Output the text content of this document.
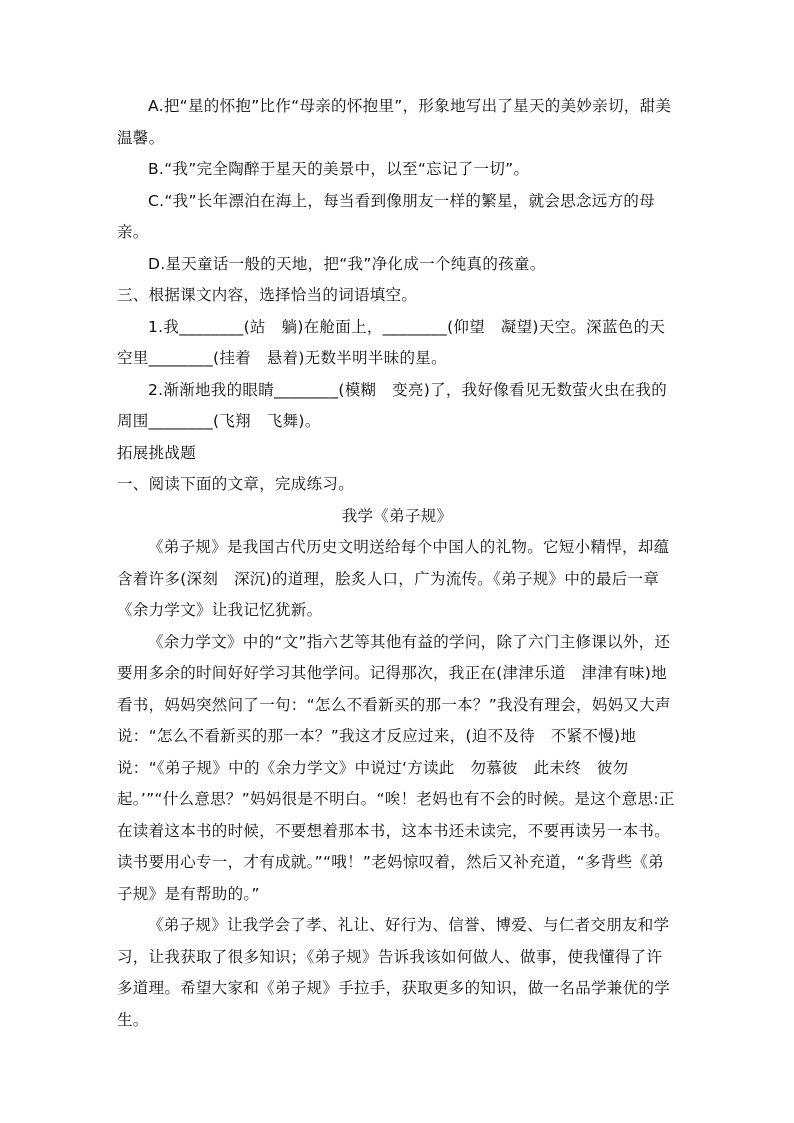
A.把“星的怀抱”比作“母亲的怀抱里”，形象地写出了星天的美妙亲切，甜美温馨。

B.“我”完全陶醉于星天的美景中，以至“忘记了一切”。

C.“我”长年漂泊在海上，每当看到像朋友一样的繁星，就会思念远方的母亲。

D.星天童话一般的天地，把“我”净化成一个纯真的孩童。

三、根据课文内容，选择恰当的词语填空。

1.我________(站　躺)在舱面上，________(仰望　凝望)天空。深蓝色的天空里________(挂着　悬着)无数半明半昧的星。

2.渐渐地我的眼睛________(模糊　变亮)了，我好像看见无数萤火虫在我的周围________(飞翔　飞舞)。

拓展挑战题

一、阅读下面的文章，完成练习。

我学《弟子规》

《弟子规》是我国古代历史文明送给每个中国人的礼物。它短小精悍，却蕴含着许多(深刻　深沉)的道理，脍炙人口，广为流传。《弟子规》中的最后一章《余力学文》让我记忆犹新。

《余力学文》中的“文”指六艺等其他有益的学问，除了六门主修课以外，还要用多余的时间好好学习其他学问。记得那次，我正在(津津乐道　津津有味)地看书，妈妈突然问了一句：“怎么不看新买的那一本？”我没有理会，妈妈又大声说：“怎么不看新买的那一本？”我这才反应过来，(迫不及待　不紧不慢)地说：“《弟子规》中的《余力学文》中说过‘方读此　勿慕彼　此未终　彼勿起。’”“什么意思？”妈妈很是不明白。“唉！老妈也有不会的时候。是这个意思:正在读着这本书的时候，不要想着那本书，这本书还未读完，不要再读另一本书。读书要用心专一，才有成就。”“哦！”老妈惊叹着，然后又补充道，“多背些《弟子规》是有帮助的。”

《弟子规》让我学会了孝、礼让、好行为、信誉、博爱、与仁者交朋友和学习，让我获取了很多知识；《弟子规》告诉我该如何做人、做事，使我懂得了许多道理。希望大家和《弟子规》手拉手，获取更多的知识，做一名品学兼优的学生。
